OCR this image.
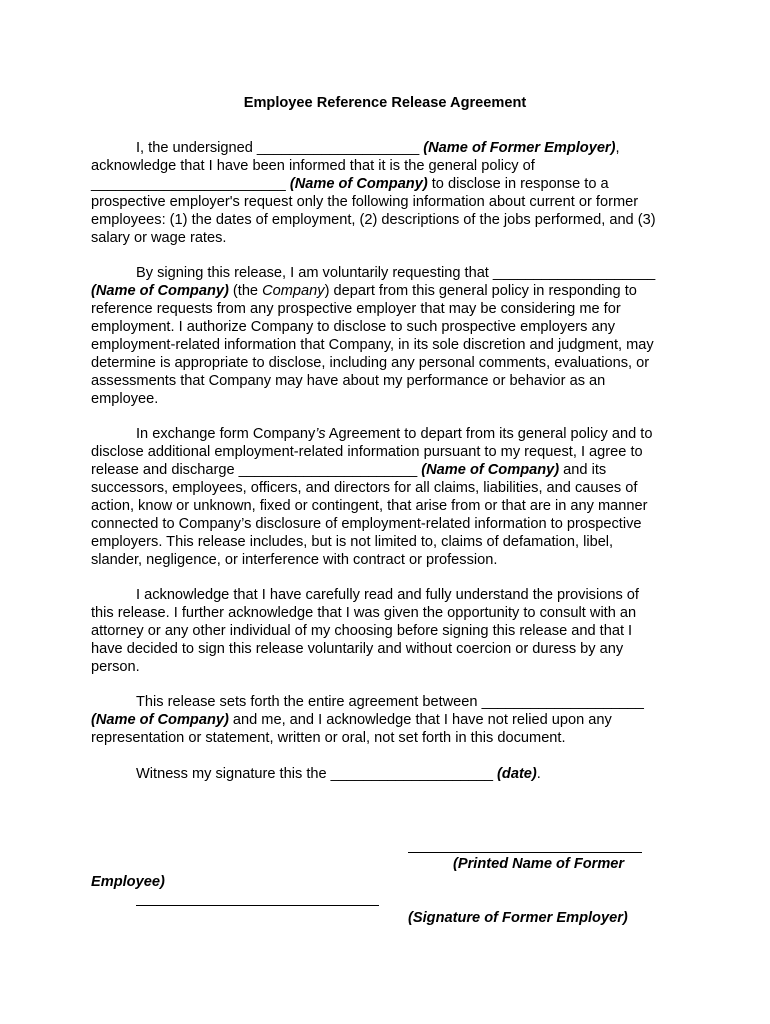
Employee Reference Release Agreement
I, the undersigned ____________________ (Name of Former Employer),
acknowledge that I have been informed that it is the general policy of
________________________ (Name of Company) to disclose in response to a
prospective employer's request only the following information about current or former
employees: (1) the dates of employment, (2) descriptions of the jobs performed, and (3)
salary or wage rates.
By signing this release, I am voluntarily requesting that ____________________
(Name of Company) (the Company) depart from this general policy in responding to
reference requests from any prospective employer that may be considering me for
employment. I authorize Company to disclose to such prospective employers any
employment-related information that Company, in its sole discretion and judgment, may
determine is appropriate to disclose, including any personal comments, evaluations, or
assessments that Company may have about my performance or behavior as an
employee.
In exchange form Company’s Agreement to depart from its general policy and to
disclose additional employment-related information pursuant to my request, I agree to
release and discharge ______________________ (Name of Company) and its
successors, employees, officers, and directors for all claims, liabilities, and causes of
action, know or unknown, fixed or contingent, that arise from or that are in any manner
connected to Company’s disclosure of employment-related information to prospective
employers. This release includes, but is not limited to, claims of defamation, libel,
slander, negligence, or interference with contract or profession.
I acknowledge that I have carefully read and fully understand the provisions of
this release. I further acknowledge that I was given the opportunity to consult with an
attorney or any other individual of my choosing before signing this release and that I
have decided to sign this release voluntarily and without coercion or duress by any
person.
This release sets forth the entire agreement between ____________________
(Name of Company) and me, and I acknowledge that I have not relied upon any
representation or statement, written or oral, not set forth in this document.
Witness my signature this the ____________________ (date).
(Printed Name of Former
Employee)
(Signature of Former Employer)
